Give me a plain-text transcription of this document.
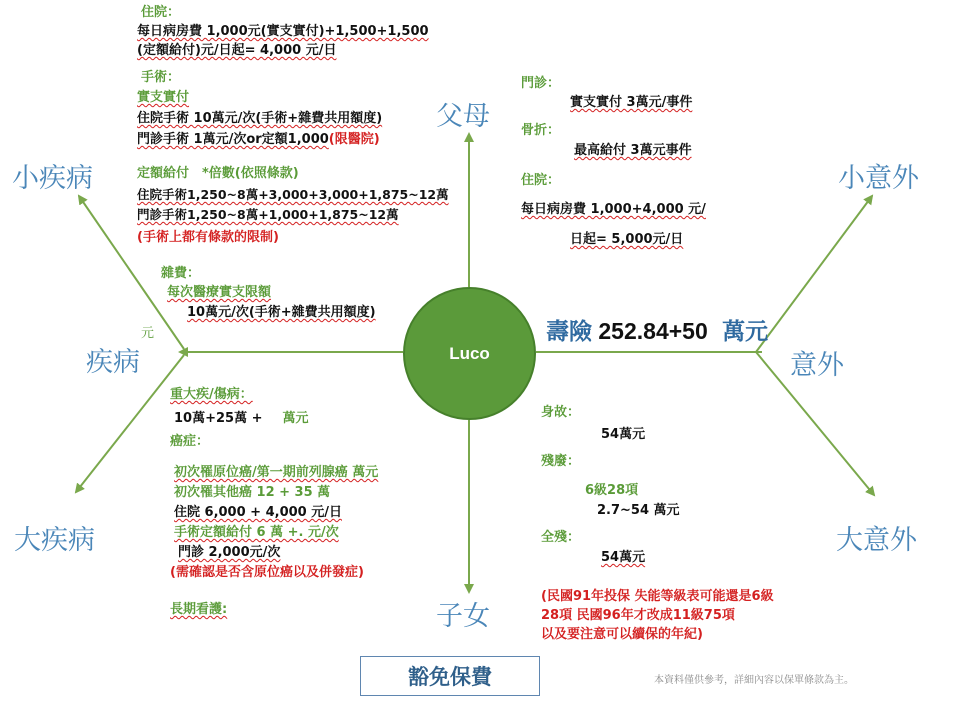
Luco
父母
子女
小疾病
疾病
大疾病
小意外
意外
大意外
壽險 252.84+50 萬元
元
住院：
每日病房費 1,000元(實支實付)+1,500+1,500
(定額給付)元/日起= 4,000 元/日
手術：
實支實付
住院手術 10萬元/次(手術+雜費共用額度)
門診手術 1萬元/次or定額1,000(限醫院)
定額給付　*倍數(依照條款)
住院手術1,250~8萬+3,000+3,000+1,875~12萬
門診手術1,250~8萬+1,000+1,875~12萬
(手術上都有條款的限制)
雜費：
每次醫療實支限額
10萬元/次(手術+雜費共用額度)
重大疾/傷病：
10萬+25萬 + 萬元
癌症：
初次罹原位癌/第一期前列腺癌 萬元
初次罹其他癌 12 + 35 萬
住院 6,000 + 4,000 元/日
手術定額給付 6 萬 +. 元/次
門診 2,000元/次
(需確認是否含原位癌以及併發症)
長期看護:
門診：
實支實付 3萬元/事件
骨折：
最高給付 3萬元事件
住院：
每日病房費 1,000+4,000 元/
日起= 5,000元/日
身故：
54萬元
殘廢：
6級28項
2.7~54 萬元
全殘：
54萬元
(民國91年投保 失能等級表可能還是6級
28項 民國96年才改成11級75項
以及要注意可以續保的年紀)
豁免保費	本資料僅供參考，詳細內容以保單條款為主。
